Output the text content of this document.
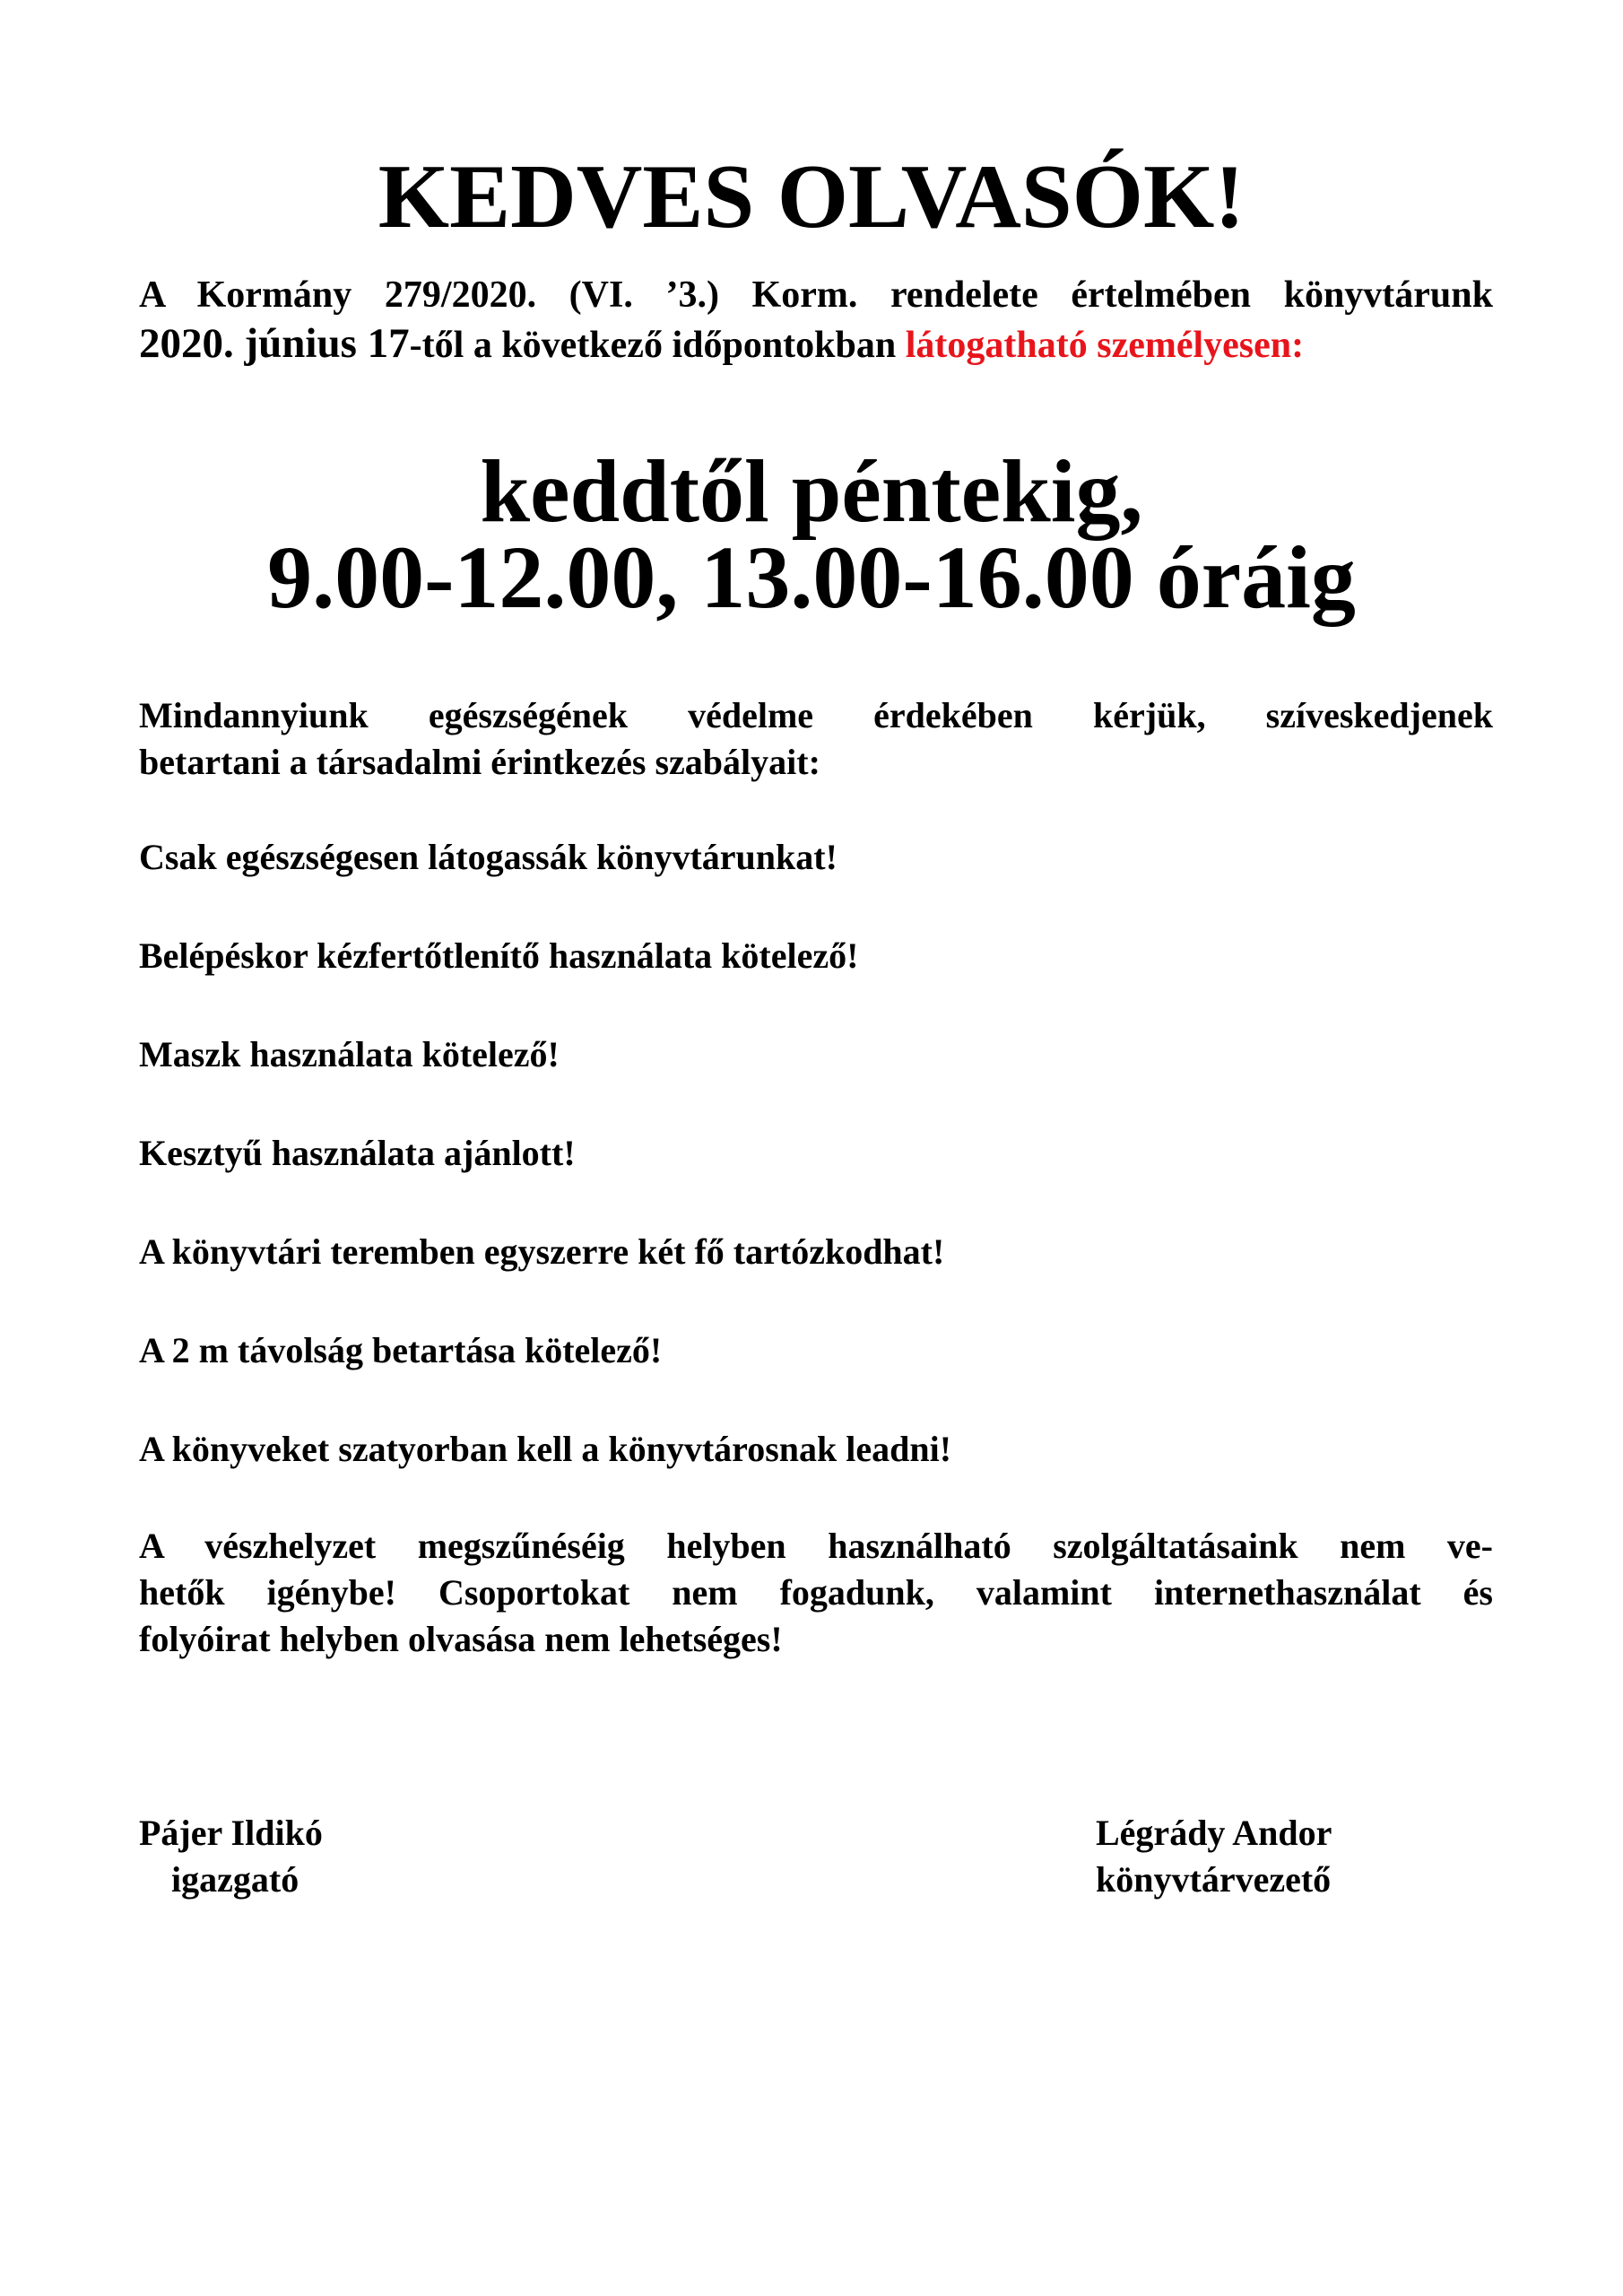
KEDVES OLVASÓK!
A Kormány 279/2020. (VI. ’3.) Korm. rendelete értelmében könyvtárunk
2020. június 17-től a következő időpontokban látogatható személyesen:
keddtől péntekig,
9.00-12.00, 13.00-16.00 óráig
Mindannyiunk egészségének védelme érdekében kérjük, szíveskedjenek
betartani a társadalmi érintkezés szabályait:
Csak egészségesen látogassák könyvtárunkat!
Belépéskor kézfertőtlenítő használata kötelező!
Maszk használata kötelező!
Kesztyű használata ajánlott!
A könyvtári teremben egyszerre két fő tartózkodhat!
A 2 m távolság betartása kötelező!
A könyveket szatyorban kell a könyvtárosnak leadni!
A vészhelyzet megszűnéséig helyben használható szolgáltatásaink nem ve-
hetők igénybe! Csoportokat nem fogadunk, valamint internethasználat és
folyóirat helyben olvasása nem lehetséges!
Pájer Ildikó
igazgató
Légrády Andor
könyvtárvezető
